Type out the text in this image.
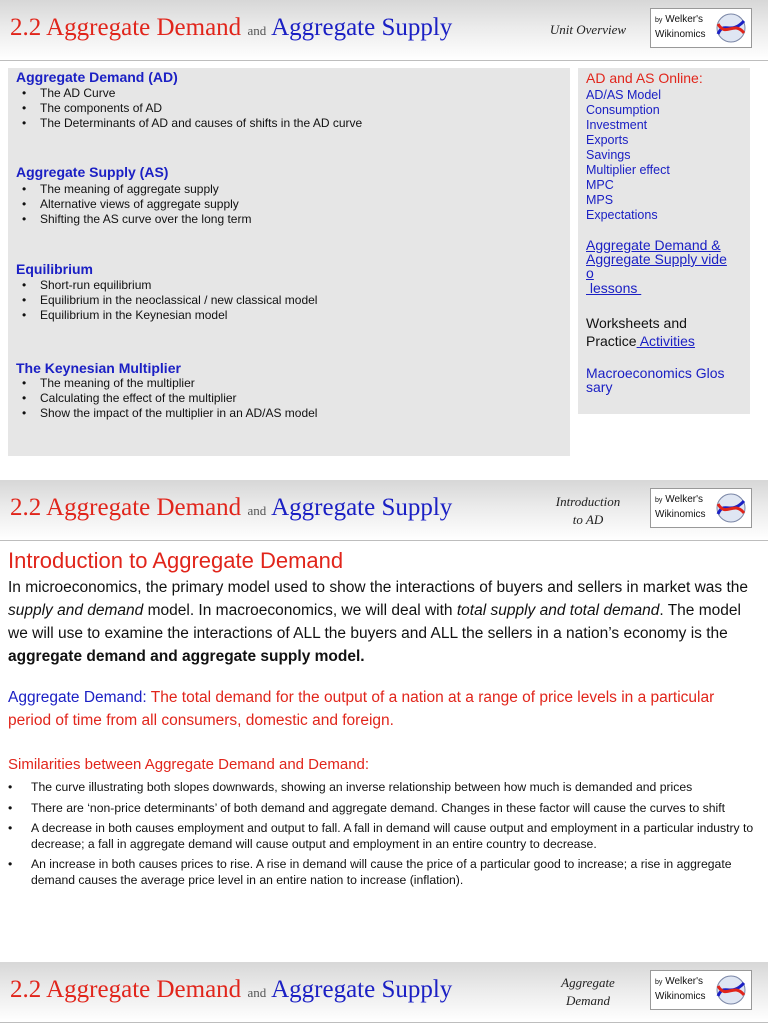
2.2 Aggregate Demand and Aggregate Supply	Unit Overview
by Welker's
Wikinomics
Aggregate Demand (AD)
• The AD Curve
• The components of AD
• The Determinants of AD and causes of shifts in the AD curve
Aggregate Supply (AS)
• The meaning of aggregate supply
• Alternative views of aggregate supply
• Shifting the AS curve over the long term
Equilibrium
• Short-run equilibrium
• Equilibrium in the neoclassical / new classical model
• Equilibrium in the Keynesian model
The Keynesian Multiplier
• The meaning of the multiplier
• Calculating the effect of the multiplier
• Show the impact of the multiplier in an AD/AS model
AD and AS Online:
AD/AS Model
Consumption
Investment
Exports
Savings
Multiplier effect
MPC
MPS
Expectations
Aggregate Demand &
Aggregate Supply vide
o
lessons
Worksheets and
Practice Activities
Macroeconomics Glos
sary
2.2 Aggregate Demand and Aggregate Supply	Introduction
to AD
by Welker's
Wikinomics
Introduction to Aggregate Demand
In microeconomics, the primary model used to show the interactions of buyers and sellers in market was the supply and demand model. In macroeconomics, we will deal with total supply and total demand. The model we will use to examine the interactions of ALL the buyers and ALL the sellers in a nation’s economy is the aggregate demand and aggregate supply model.
Aggregate Demand: The total demand for the output of a nation at a range of price levels in a particular period of time from all consumers, domestic and foreign.
Similarities between Aggregate Demand and Demand:
• The curve illustrating both slopes downwards, showing an inverse relationship between how much is demanded and prices
• There are ‘non-price determinants’ of both demand and aggregate demand. Changes in these factor will cause the curves to shift
• A decrease in both causes employment and output to fall. A fall in demand will cause output and employment in a particular industry to decrease; a fall in aggregate demand will cause output and employment in an entire country to decrease.
• An increase in both causes prices to rise. A rise in demand will cause the price of a particular good to increase; a rise in aggregate demand causes the average price level in an entire nation to increase (inflation).
2.2 Aggregate Demand and Aggregate Supply	Aggregate
Demand
by Welker's
Wikinomics
